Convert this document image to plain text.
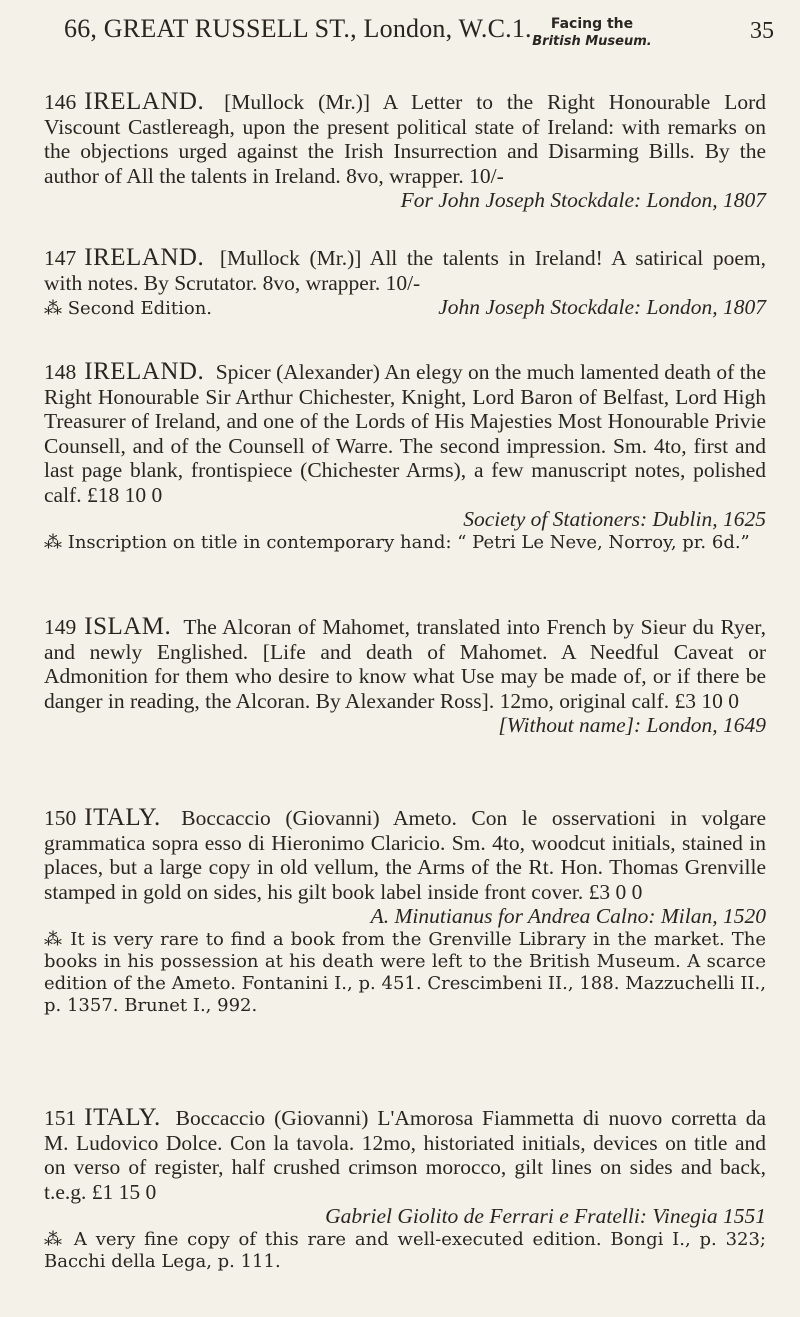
66, GREAT RUSSELL ST., London, W.C.1.	Facing the
British Museum.	35

146 IRELAND. [Mullock (Mr.)] A Letter to the Right Honourable Lord Viscount Castlereagh, upon the present political state of Ireland: with remarks on the objections urged against the Irish Insurrection and Disarming Bills. By the author of All the talents in Ireland. 8vo, wrapper. 10/-

For John Joseph Stockdale: London, 1807

147 IRELAND. [Mullock (Mr.)] All the talents in Ireland! A satirical poem, with notes. By Scrutator. 8vo, wrapper. 10/-

⁂ Second Edition.	John Joseph Stockdale: London, 1807

148 IRELAND. Spicer (Alexander) An elegy on the much lamented death of the Right Honourable Sir Arthur Chichester, Knight, Lord Baron of Belfast, Lord High Treasurer of Ireland, and one of the Lords of His Majesties Most Honourable Privie Counsell, and of the Counsell of Warre. The second impression. Sm. 4to, first and last page blank, frontispiece (Chichester Arms), a few manuscript notes, polished calf. £18 10 0

Society of Stationers: Dublin, 1625

⁂ Inscription on title in contemporary hand: “ Petri Le Neve, Norroy, pr. 6d.”

149 ISLAM. The Alcoran of Mahomet, translated into French by Sieur du Ryer, and newly Englished. [Life and death of Mahomet. A Needful Caveat or Admonition for them who desire to know what Use may be made of, or if there be danger in reading, the Alcoran. By Alexander Ross]. 12mo, original calf. £3 10 0

[Without name]: London, 1649

150 ITALY. Boccaccio (Giovanni) Ameto. Con le osservationi in volgare grammatica sopra esso di Hieronimo Claricio. Sm. 4to, woodcut initials, stained in places, but a large copy in old vellum, the Arms of the Rt. Hon. Thomas Grenville stamped in gold on sides, his gilt book label inside front cover. £3 0 0

A. Minutianus for Andrea Calno: Milan, 1520

⁂ It is very rare to find a book from the Grenville Library in the market. The books in his possession at his death were left to the British Museum. A scarce edition of the Ameto. Fontanini I., p. 451. Crescimbeni II., 188. Mazzuchelli II., p. 1357. Brunet I., 992.

151 ITALY. Boccaccio (Giovanni) L'Amorosa Fiammetta di nuovo corretta da M. Ludovico Dolce. Con la tavola. 12mo, historiated initials, devices on title and on verso of register, half crushed crimson morocco, gilt lines on sides and back, t.e.g. £1 15 0

Gabriel Giolito de Ferrari e Fratelli: Vinegia 1551

⁂ A very fine copy of this rare and well-executed edition. Bongi I., p. 323; Bacchi della Lega, p. 111.
